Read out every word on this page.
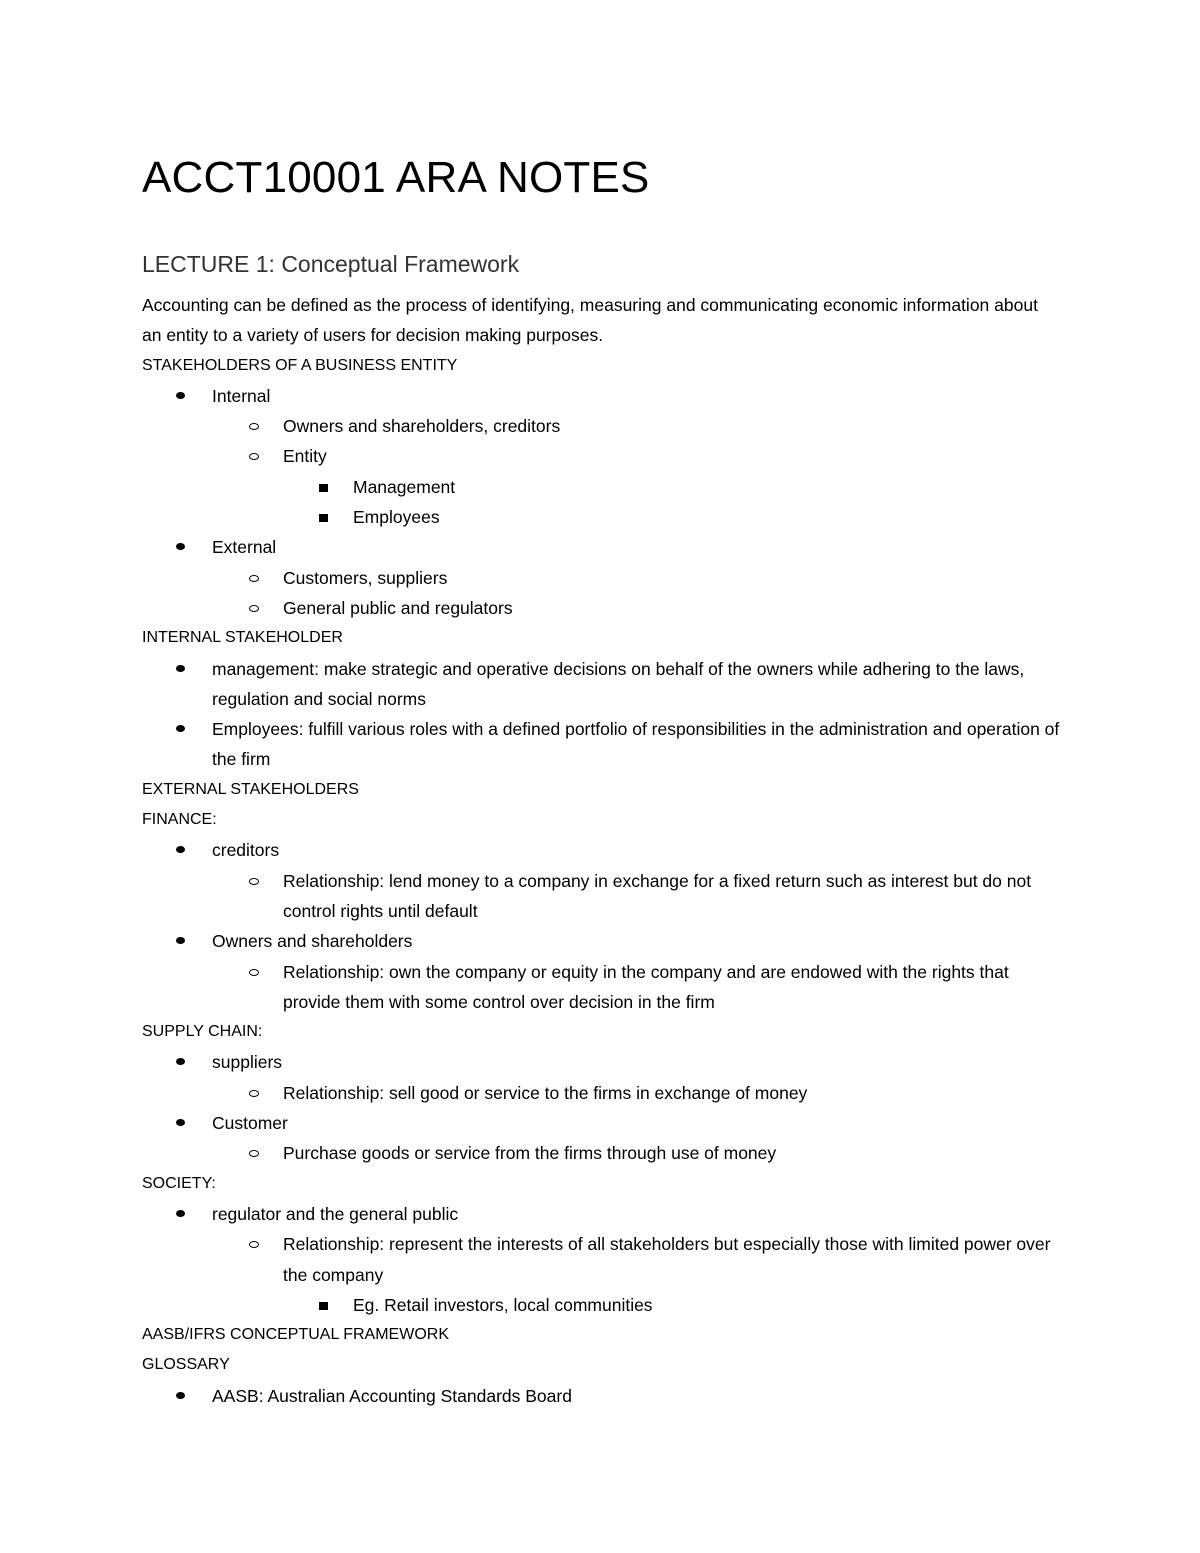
ACCT10001 ARA NOTES
LECTURE 1: Conceptual Framework

Accounting can be defined as the process of identifying, measuring and communicating economic information about an entity to a variety of users for decision making purposes.

STAKEHOLDERS OF A BUSINESS ENTITY
Internal
Owners and shareholders, creditors
Entity
Management
Employees
External
Customers, suppliers
General public and regulators
INTERNAL STAKEHOLDER
management: make strategic and operative decisions on behalf of the owners while adhering to the laws, regulation and social norms
Employees: fulfill various roles with a defined portfolio of responsibilities in the administration and operation of the firm
EXTERNAL STAKEHOLDERS
FINANCE:
creditors
Relationship: lend money to a company in exchange for a fixed return such as interest but do not control rights until default
Owners and shareholders
Relationship: own the company or equity in the company and are endowed with the rights that provide them with some control over decision in the firm
SUPPLY CHAIN:
suppliers
Relationship: sell good or service to the firms in exchange of money
Customer
Purchase goods or service from the firms through use of money
SOCIETY:
regulator and the general public
Relationship: represent the interests of all stakeholders but especially those with limited power over the company
Eg. Retail investors, local communities
AASB/IFRS CONCEPTUAL FRAMEWORK
GLOSSARY
AASB: Australian Accounting Standards Board
